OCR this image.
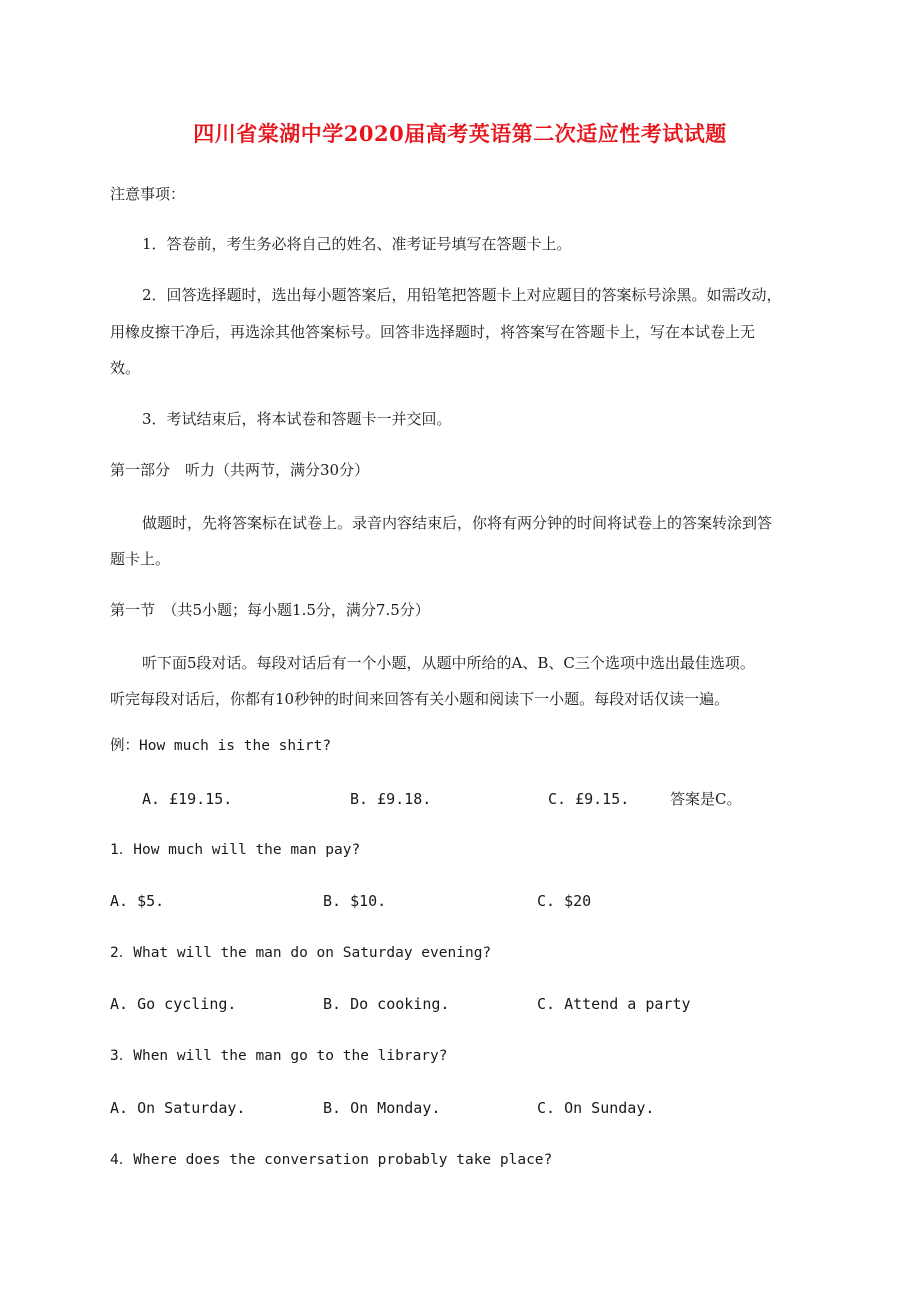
四川省棠湖中学2020届高考英语第二次适应性考试试题
注意事项：
1．答卷前，考生务必将自己的姓名、准考证号填写在答题卡上。
2．回答选择题时，选出每小题答案后，用铅笔把答题卡上对应题目的答案标号涂黑。如需改动，
用橡皮擦干净后，再选涂其他答案标号。回答非选择题时，将答案写在答题卡上，写在本试卷上无
效。
3．考试结束后，将本试卷和答题卡一并交回。
第一部分　听力（共两节，满分30分）
做题时，先将答案标在试卷上。录音内容结束后，你将有两分钟的时间将试卷上的答案转涂到答
题卡上。
第一节　（共5小题；每小题1.5分，满分7.5分）
听下面5段对话。每段对话后有一个小题，从题中所给的A、B、C三个选项中选出最佳选项。
听完每段对话后，你都有10秒钟的时间来回答有关小题和阅读下一小题。每段对话仅读一遍。
例：How much is the shirt?
A. £19.15.	B. £9.18.	C. £9.15.	答案是C。
1．How much will the man pay?
A. $5.	B. $10.	C. $20
2．What will the man do on Saturday evening?
A. Go cycling.	B. Do cooking.	C. Attend a party
3．When will the man go to the library?
A. On Saturday.	B. On Monday.	C. On Sunday.
4．Where does the conversation probably take place?
